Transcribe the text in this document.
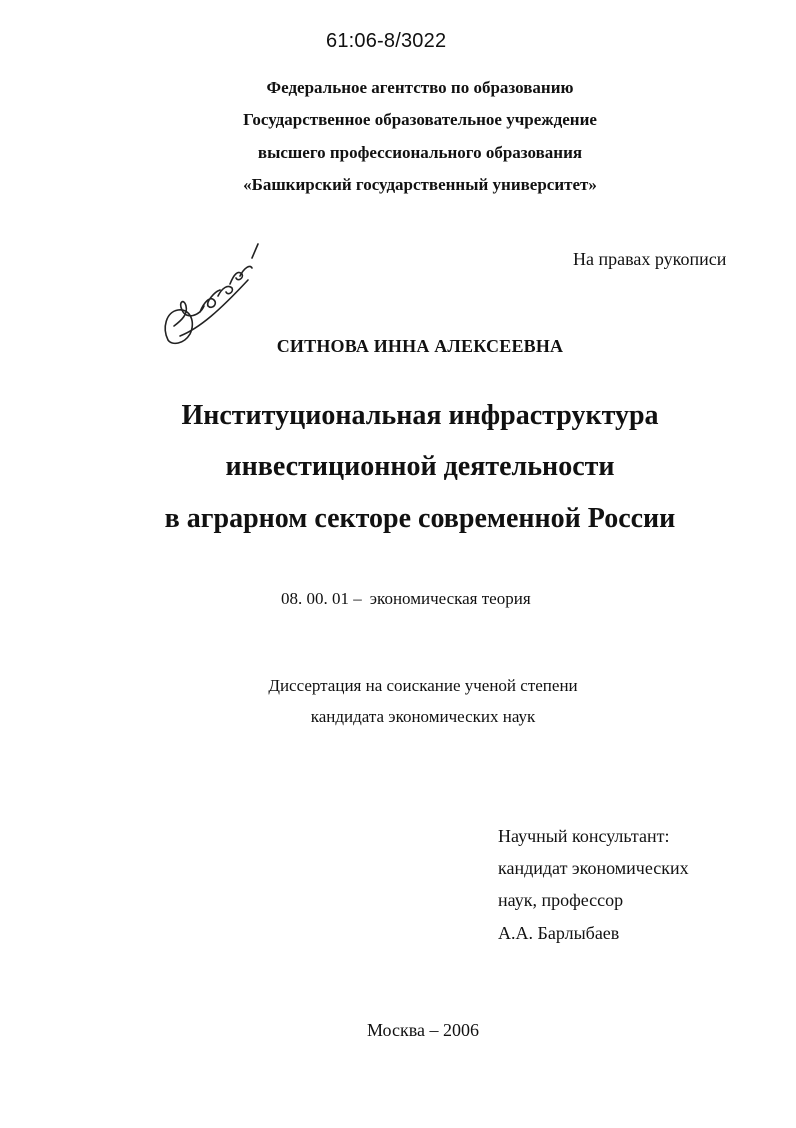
61:06-8/3022
Федеральное агентство по образованию
Государственное образовательное учреждение
высшего профессионального образования
«Башкирский государственный университет»
На правах рукописи
СИТНОВА ИННА АЛЕКСЕЕВНА
Институциональная инфраструктура
инвестиционной деятельности
в аграрном секторе современной России
08. 00. 01 – экономическая теория
Диссертация на соискание ученой степени
кандидата экономических наук
Научный консультант:
кандидат экономических
наук, профессор
А.А. Барлыбаев
Москва – 2006
